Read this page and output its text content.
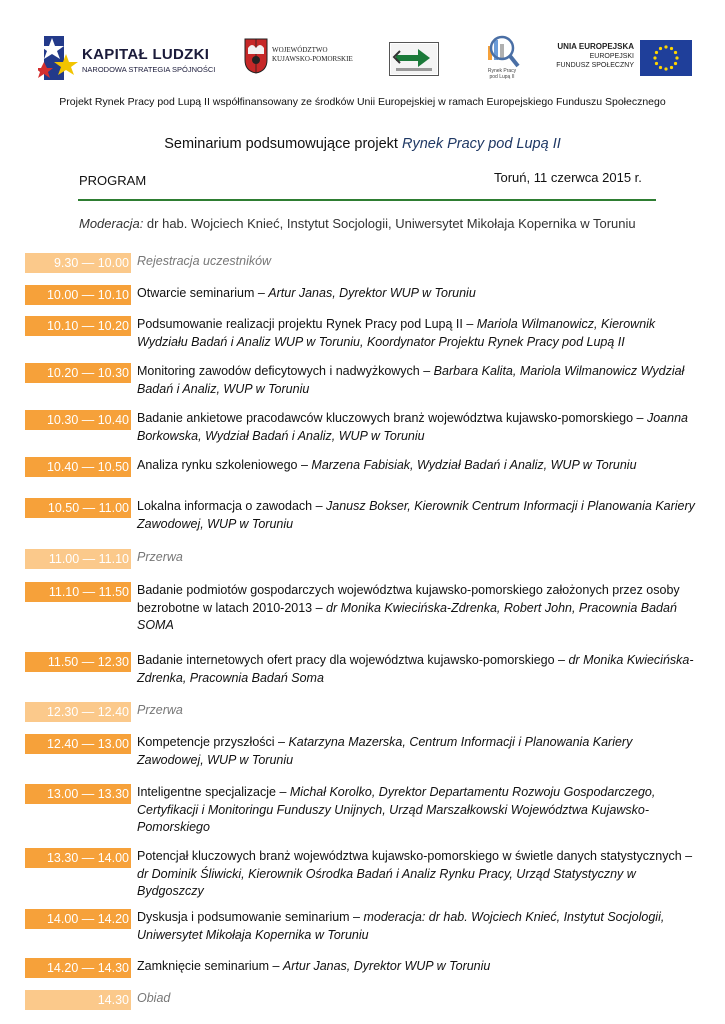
KAPITAŁ LUDZKI
NARODOWA STRATEGIA SPÓJNOŚCI
WOJEWÓDZTWO
KUJAWSKO-POMORSKIE
Rynek Pracy
pod Lupą II
UNIA EUROPEJSKA
EUROPEJSKI
FUNDUSZ SPOŁECZNY
Projekt Rynek Pracy pod Lupą II współfinansowany ze środków Unii Europejskiej w ramach Europejskiego Funduszu Społecznego
Seminarium podsumowujące projekt Rynek Pracy pod Lupą II
PROGRAM	Toruń, 11 czerwca 2015 r.
Moderacja: dr hab. Wojciech Knieć, Instytut Socjologii, Uniwersytet Mikołaja Kopernika w Toruniu
9.30 — 10.00 Rejestracja uczestników
10.00 — 10.10 Otwarcie seminarium – Artur Janas, Dyrektor WUP w Toruniu
10.10 — 10.20 Podsumowanie realizacji projektu Rynek Pracy pod Lupą II – Mariola Wilmanowicz, Kierownik Wydziału Badań i Analiz WUP w Toruniu, Koordynator Projektu Rynek Pracy pod Lupą II
10.20 — 10.30 Monitoring zawodów deficytowych i nadwyżkowych – Barbara Kalita, Mariola Wilmanowicz Wydział Badań i Analiz, WUP w Toruniu
10.30 — 10.40 Badanie ankietowe pracodawców kluczowych branż województwa kujawsko-pomorskiego – Joanna Borkowska, Wydział Badań i Analiz, WUP w Toruniu
10.40 — 10.50 Analiza rynku szkoleniowego – Marzena Fabisiak, Wydział Badań i Analiz, WUP w Toruniu
10.50 — 11.00 Lokalna informacja o zawodach – Janusz Bokser, Kierownik Centrum Informacji i Planowania Kariery Zawodowej, WUP w Toruniu
11.00 — 11.10 Przerwa
11.10 — 11.50 Badanie podmiotów gospodarczych województwa kujawsko-pomorskiego założonych przez osoby bezrobotne w latach 2010-2013 – dr Monika Kwiecińska-Zdrenka, Robert John, Pracownia Badań SOMA
11.50 — 12.30 Badanie internetowych ofert pracy dla województwa kujawsko-pomorskiego – dr Monika Kwiecińska-Zdrenka, Pracownia Badań Soma
12.30 — 12.40 Przerwa
12.40 — 13.00 Kompetencje przyszłości – Katarzyna Mazerska, Centrum Informacji i Planowania Kariery Zawodowej, WUP w Toruniu
13.00 — 13.30 Inteligentne specjalizacje – Michał Korolko, Dyrektor Departamentu Rozwoju Gospodarczego, Certyfikacji i Monitoringu Funduszy Unijnych, Urząd Marszałkowski Województwa Kujawsko-Pomorskiego
13.30 — 14.00 Potencjał kluczowych branż województwa kujawsko-pomorskiego w świetle danych statystycznych – dr Dominik Śliwicki, Kierownik Ośrodka Badań i Analiz Rynku Pracy, Urząd Statystyczny w Bydgoszczy
14.00 — 14.20 Dyskusja i podsumowanie seminarium – moderacja: dr hab. Wojciech Knieć, Instytut Socjologii, Uniwersytet Mikołaja Kopernika w Toruniu
14.20 — 14.30 Zamknięcie seminarium – Artur Janas, Dyrektor WUP w Toruniu
14.30 Obiad
